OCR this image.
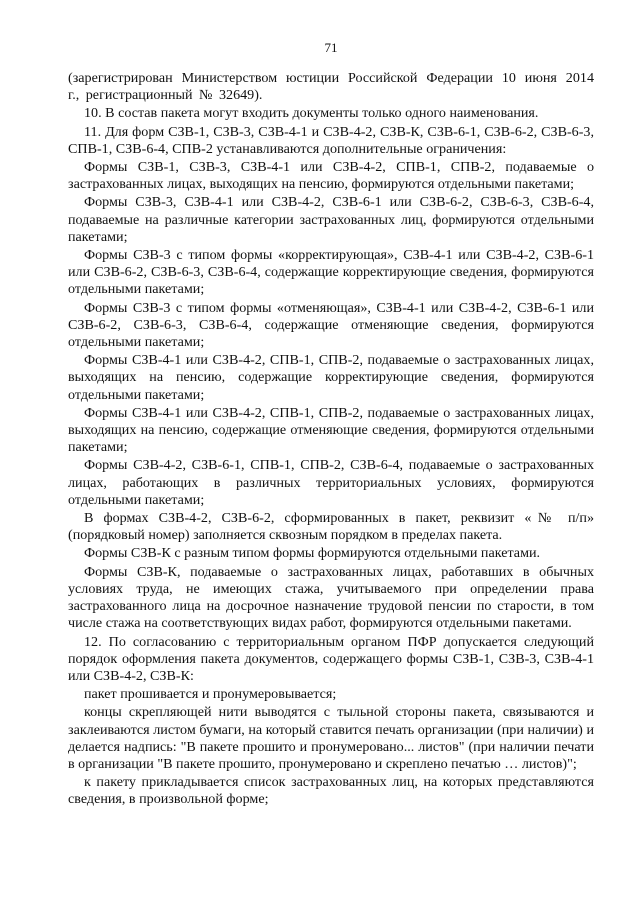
71

(зарегистрирован Министерством юстиции Российской Федерации 10 июня 2014 г., регистрационный № 32649).

10. В состав пакета могут входить документы только одного наименования.

11. Для форм СЗВ-1, СЗВ-3, СЗВ-4-1 и СЗВ-4-2, СЗВ-К, СЗВ-6-1, СЗВ-6-2, СЗВ-6-3, СПВ-1, СЗВ-6-4, СПВ-2 устанавливаются дополнительные ограничения:

Формы СЗВ-1, СЗВ-3, СЗВ-4-1 или СЗВ-4-2, СПВ-1, СПВ-2, подаваемые о застрахованных лицах, выходящих на пенсию, формируются отдельными пакетами;

Формы СЗВ-3, СЗВ-4-1 или СЗВ-4-2, СЗВ-6-1 или СЗВ-6-2, СЗВ-6-3, СЗВ-6-4, подаваемые на различные категории застрахованных лиц, формируются отдельными пакетами;

Формы СЗВ-3 с типом формы «корректирующая», СЗВ-4-1 или СЗВ-4-2, СЗВ-6-1 или СЗВ-6-2, СЗВ-6-3, СЗВ-6-4, содержащие корректирующие сведения, формируются отдельными пакетами;

Формы СЗВ-3 с типом формы «отменяющая», СЗВ-4-1 или СЗВ-4-2, СЗВ-6-1 или СЗВ-6-2, СЗВ-6-3, СЗВ-6-4, содержащие отменяющие сведения, формируются отдельными пакетами;

Формы СЗВ-4-1 или СЗВ-4-2, СПВ-1, СПВ-2, подаваемые о застрахованных лицах, выходящих на пенсию, содержащие корректирующие сведения, формируются отдельными пакетами;

Формы СЗВ-4-1 или СЗВ-4-2, СПВ-1, СПВ-2, подаваемые о застрахованных лицах, выходящих на пенсию, содержащие отменяющие сведения, формируются отдельными пакетами;

Формы СЗВ-4-2, СЗВ-6-1, СПВ-1, СПВ-2, СЗВ-6-4, подаваемые о застрахованных лицах, работающих в различных территориальных условиях, формируются отдельными пакетами;

В формах СЗВ-4-2, СЗВ-6-2, сформированных в пакет, реквизит «№ п/п» (порядковый номер) заполняется сквозным порядком в пределах пакета.

Формы СЗВ-К с разным типом формы формируются отдельными пакетами.

Формы СЗВ-К, подаваемые о застрахованных лицах, работавших в обычных условиях труда, не имеющих стажа, учитываемого при определении права застрахованного лица на досрочное назначение трудовой пенсии по старости, в том числе стажа на соответствующих видах работ, формируются отдельными пакетами.

12. По согласованию с территориальным органом ПФР допускается следующий порядок оформления пакета документов, содержащего формы СЗВ-1, СЗВ-3, СЗВ-4-1 или СЗВ-4-2, СЗВ-К:

пакет прошивается и пронумеровывается;

концы скрепляющей нити выводятся с тыльной стороны пакета, связываются и заклеиваются листом бумаги, на который ставится печать организации (при наличии) и делается надпись: "В пакете прошито и пронумеровано... листов" (при наличии печати в организации "В пакете прошито, пронумеровано и скреплено печатью … листов)";

к пакету прикладывается список застрахованных лиц, на которых представляются сведения, в произвольной форме;
